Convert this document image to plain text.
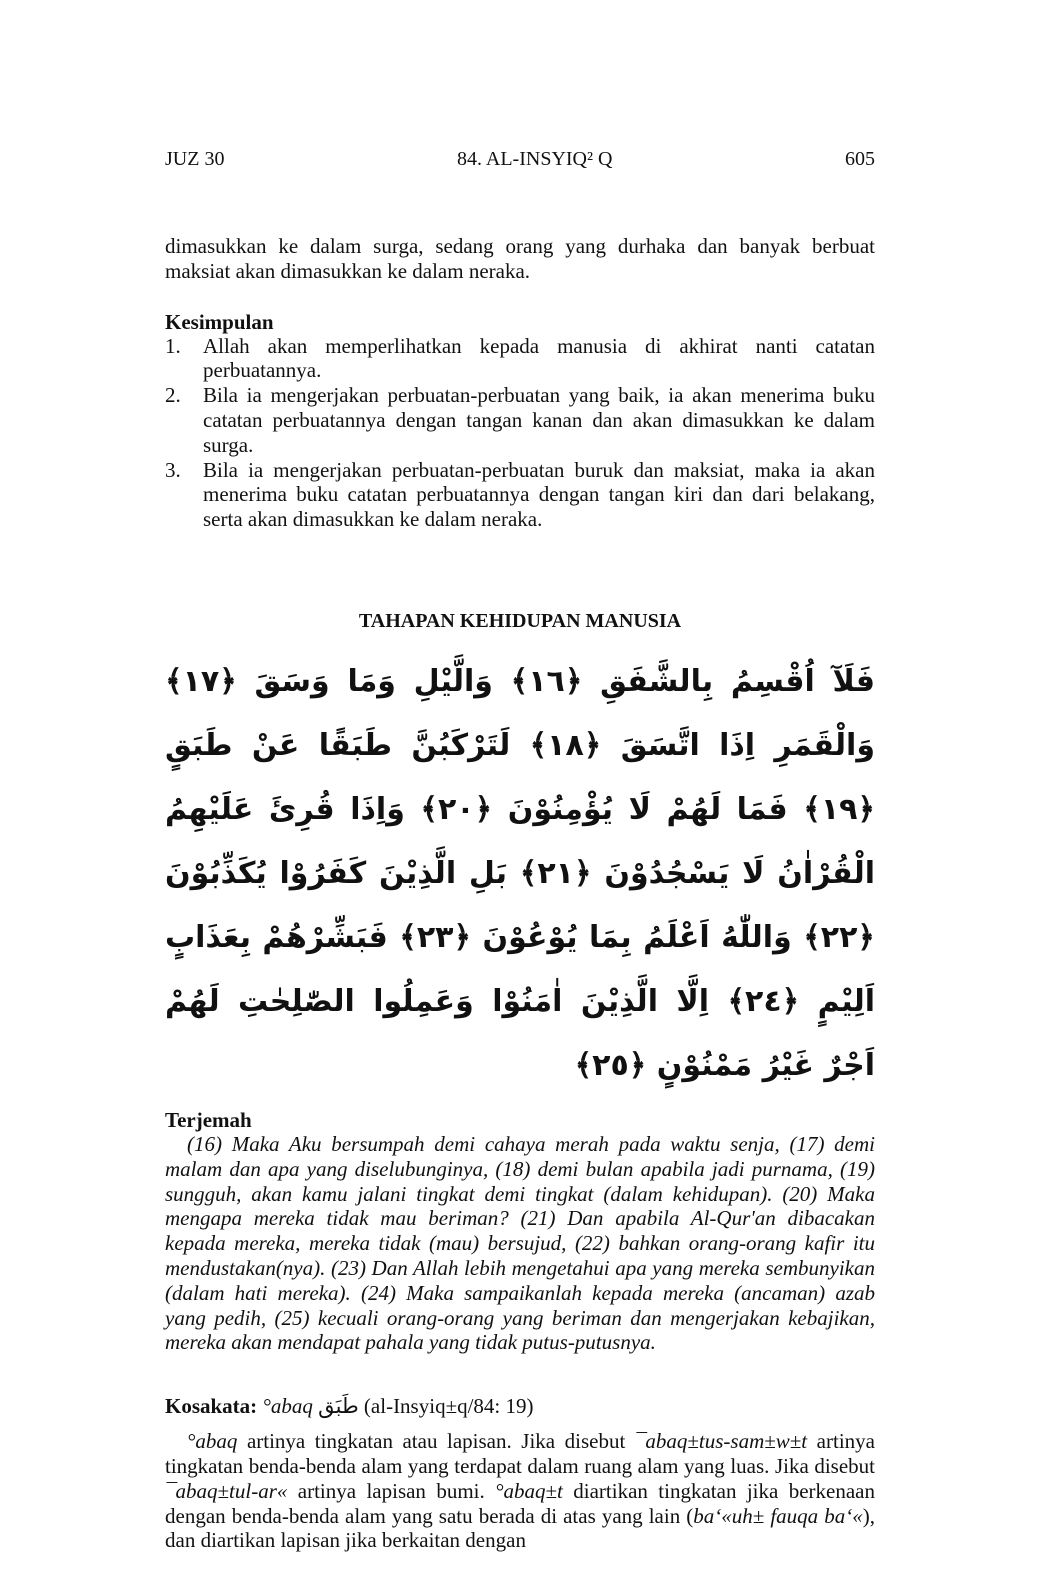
JUZ 30	84. AL-INSYIQ² Q	605

dimasukkan ke dalam surga, sedang orang yang durhaka dan banyak berbuat maksiat akan dimasukkan ke dalam neraka.

Kesimpulan
1.	Allah akan memperlihatkan kepada manusia di akhirat nanti catatan perbuatannya.
2.	Bila ia mengerjakan perbuatan-perbuatan yang baik, ia akan menerima buku catatan perbuatannya dengan tangan kanan dan akan dimasukkan ke dalam surga.
3.	Bila ia mengerjakan perbuatan-perbuatan buruk dan maksiat, maka ia akan menerima buku catatan perbuatannya dengan tangan kiri dan dari belakang, serta akan dimasukkan ke dalam neraka.
TAHAPAN KEHIDUPAN MANUSIA
فَلَآ اُقْسِمُ بِالشَّفَقِ ﴿١٦﴾ وَالَّيْلِ وَمَا وَسَقَ ﴿١٧﴾ وَالْقَمَرِ اِذَا اتَّسَقَ ﴿١٨﴾ لَتَرْكَبُنَّ طَبَقًا عَنْ طَبَقٍ ﴿١٩﴾ فَمَا لَهُمْ لَا يُؤْمِنُوْنَ ﴿٢٠﴾ وَاِذَا قُرِئَ عَلَيْهِمُ الْقُرْاٰنُ لَا يَسْجُدُوْنَ ﴿٢١﴾ بَلِ الَّذِيْنَ كَفَرُوْا يُكَذِّبُوْنَ ﴿٢٢﴾ وَاللّٰهُ اَعْلَمُ بِمَا يُوْعُوْنَ ﴿٢٣﴾ فَبَشِّرْهُمْ بِعَذَابٍ اَلِيْمٍ ﴿٢٤﴾ اِلَّا الَّذِيْنَ اٰمَنُوْا وَعَمِلُوا الصّٰلِحٰتِ لَهُمْ اَجْرٌ غَيْرُ مَمْنُوْنٍ ﴿٢٥﴾
Terjemah

(16) Maka Aku bersumpah demi cahaya merah pada waktu senja, (17) demi malam dan apa yang diselubunginya, (18) demi bulan apabila jadi purnama, (19) sungguh, akan kamu jalani tingkat demi tingkat (dalam kehidupan). (20) Maka mengapa mereka tidak mau beriman? (21) Dan apabila Al-Qur'an dibacakan kepada mereka, mereka tidak (mau) bersujud, (22) bahkan orang-orang kafir itu mendustakan(nya). (23) Dan Allah lebih mengetahui apa yang mereka sembunyikan (dalam hati mereka). (24) Maka sampaikanlah kepada mereka (ancaman) azab yang pedih, (25) kecuali orang-orang yang beriman dan mengerjakan kebajikan, mereka akan mendapat pahala yang tidak putus-putusnya.

Kosakata: °abaq طَبَق (al-Insyiq±q/84: 19)

°abaq artinya tingkatan atau lapisan. Jika disebut ¯abaq±tus-sam±w±t artinya tingkatan benda-benda alam yang terdapat dalam ruang alam yang luas. Jika disebut ¯abaq±tul-ar« artinya lapisan bumi. °abaq±t diartikan tingkatan jika berkenaan dengan benda-benda alam yang satu berada di atas yang lain (ba‘«uh± fauqa ba‘«), dan diartikan lapisan jika berkaitan dengan
